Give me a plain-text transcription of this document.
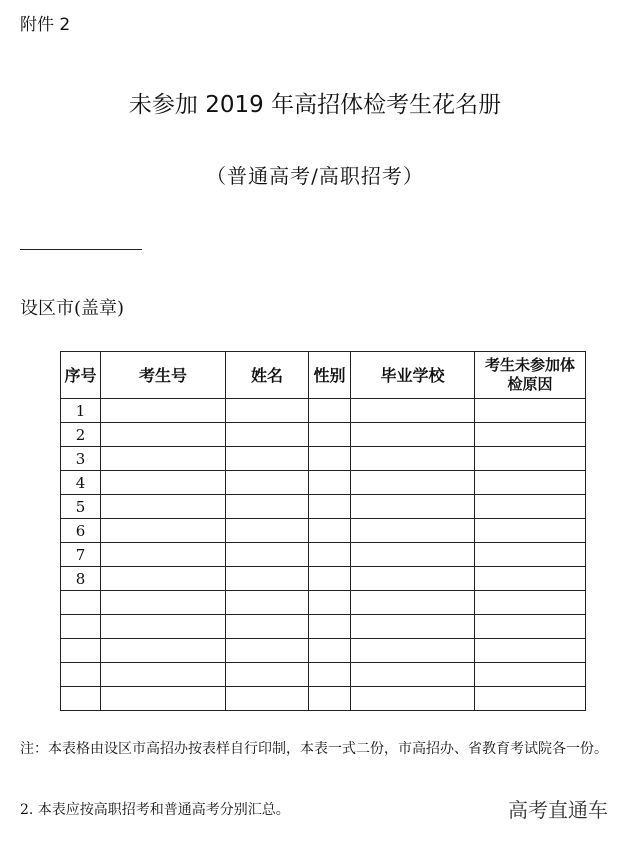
附件 2
未参加 2019 年高招体检考生花名册
（普通高考/高职招考）
设区市(盖章)
序号	考生号	姓名	性别	毕业学校	考生未参加体
检原因
1					
2					
3					
4					
5					
6					
7					
8					

注：本表格由设区市高招办按表样自行印制，本表一式二份，市高招办、省教育考试院各一份。
2. 本表应按高职招考和普通高考分别汇总。	高考直通车
